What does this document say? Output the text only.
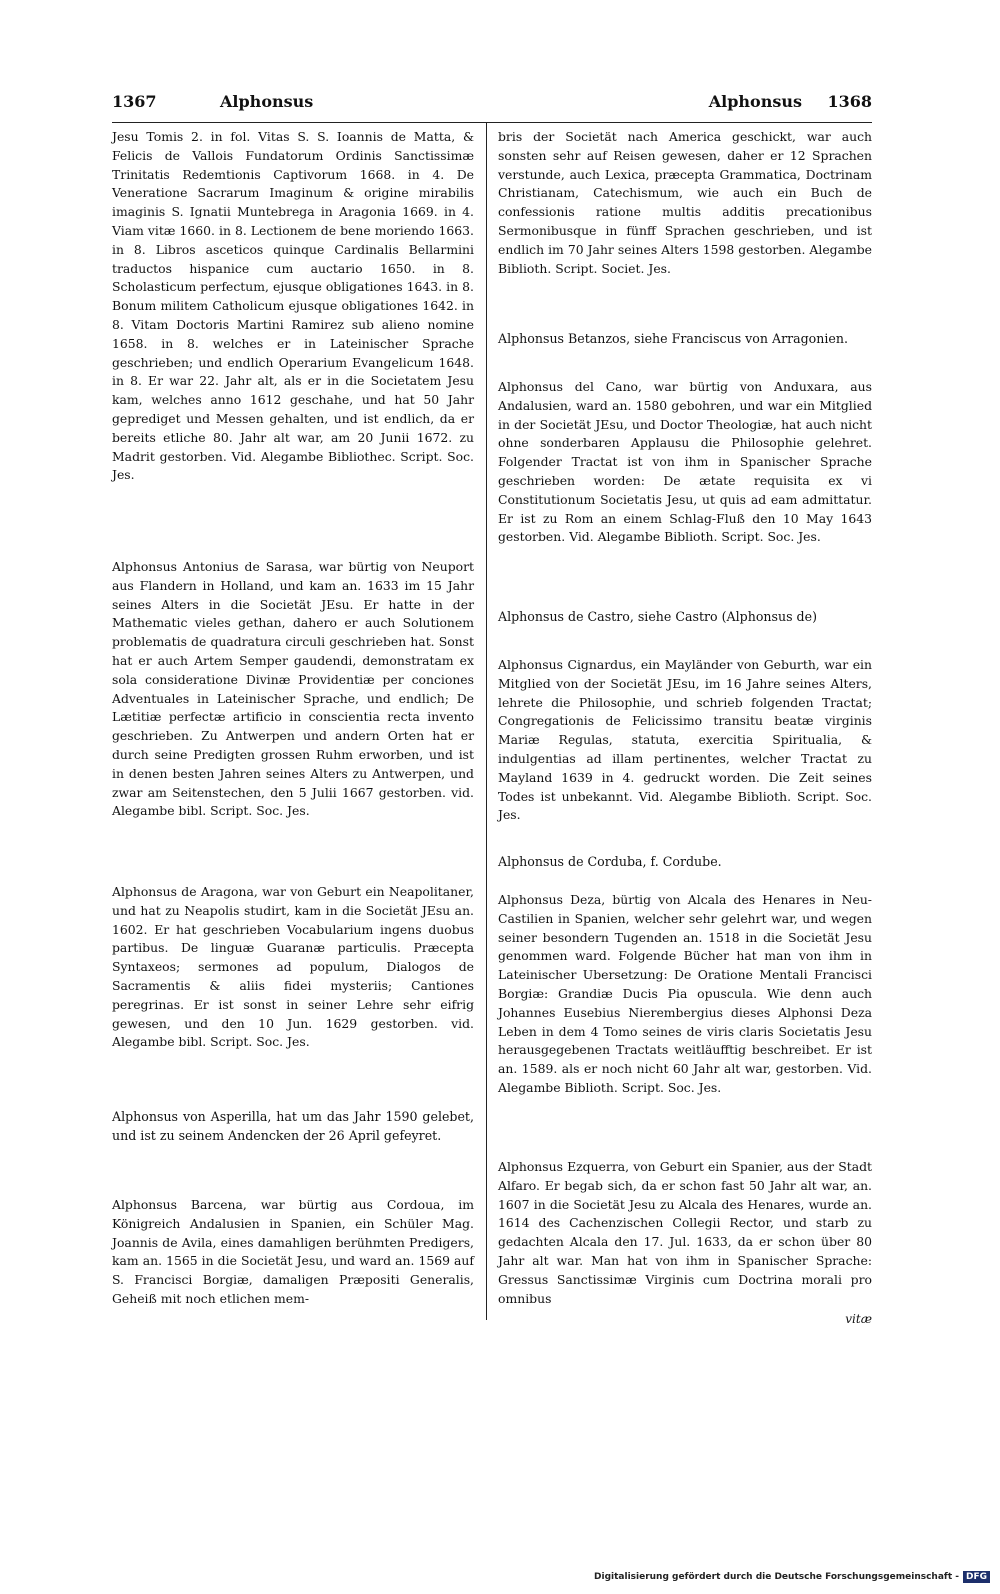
1367	Alphonsus	Alphonsus 1368

Jesu Tomis 2. in fol. Vitas S. S. Ioannis de Matta, & Felicis de Vallois Fundatorum Ordinis Sanctissimæ Trinitatis Redemtionis Captivorum 1668. in 4. De Veneratione Sacrarum Imaginum & origine mirabilis imaginis S. Ignatii Muntebrega in Aragonia 1669. in 4. Viam vitæ 1660. in 8. Lectionem de bene moriendo 1663. in 8. Libros asceticos quinque Cardinalis Bellarmini traductos hispanice cum auctario 1650. in 8. Scholasticum perfectum, ejusque obligationes 1643. in 8. Bonum militem Catholicum ejusque obligationes 1642. in 8. Vitam Doctoris Martini Ramirez sub alieno nomine 1658. in 8. welches er in Lateinischer Sprache geschrieben; und endlich Operarium Evangelicum 1648. in 8. Er war 22. Jahr alt, als er in die Societatem Jesu kam, welches anno 1612 geschahe, und hat 50 Jahr geprediget und Messen gehalten, und ist endlich, da er bereits etliche 80. Jahr alt war, am 20 Junii 1672. zu Madrit gestorben. Vid. Alegambe Bibliothec. Script. Soc. Jes.

Alphonsus Antonius de Sarasa, war bürtig von Neuport aus Flandern in Holland, und kam an. 1633 im 15 Jahr seines Alters in die Societät JEsu. Er hatte in der Mathematic vieles gethan, dahero er auch Solutionem problematis de quadratura circuli geschrieben hat. Sonst hat er auch Artem Semper gaudendi, demonstratam ex sola consideratione Divinæ Providentiæ per conciones Adventuales in Lateinischer Sprache, und endlich; De Lætitiæ perfectæ artificio in conscientia recta invento geschrieben. Zu Antwerpen und andern Orten hat er durch seine Predigten grossen Ruhm erworben, und ist in denen besten Jahren seines Alters zu Antwerpen, und zwar am Seitenstechen, den 5 Julii 1667 gestorben. vid. Alegambe bibl. Script. Soc. Jes.

Alphonsus de Aragona, war von Geburt ein Neapolitaner, und hat zu Neapolis studirt, kam in die Societät JEsu an. 1602. Er hat geschrieben Vocabularium ingens duobus partibus. De linguæ Guaranæ particulis. Præcepta Syntaxeos; sermones ad populum, Dialogos de Sacramentis & aliis fidei mysteriis; Cantiones peregrinas. Er ist sonst in seiner Lehre sehr eifrig gewesen, und den 10 Jun. 1629 gestorben. vid. Alegambe bibl. Script. Soc. Jes.

Alphonsus von Asperilla, hat um das Jahr 1590 gelebet, und ist zu seinem Andencken der 26 April gefeyret.

Alphonsus Barcena, war bürtig aus Cordoua, im Königreich Andalusien in Spanien, ein Schüler Mag. Joannis de Avila, eines damahligen berühmten Predigers, kam an. 1565 in die Societät Jesu, und ward an. 1569 auf S. Francisci Borgiæ, damaligen Præpositi Generalis, Geheiß mit noch etlichen mem-

bris der Societät nach America geschickt, war auch sonsten sehr auf Reisen gewesen, daher er 12 Sprachen verstunde, auch Lexica, præcepta Grammatica, Doctrinam Christianam, Catechismum, wie auch ein Buch de confessionis ratione multis additis precationibus Sermonibusque in fünff Sprachen geschrieben, und ist endlich im 70 Jahr seines Alters 1598 gestorben. Alegambe Biblioth. Script. Societ. Jes.

Alphonsus Betanzos, siehe Franciscus von Arragonien.

Alphonsus del Cano, war bürtig von Anduxara, aus Andalusien, ward an. 1580 gebohren, und war ein Mitglied in der Societät JEsu, und Doctor Theologiæ, hat auch nicht ohne sonderbaren Applausu die Philosophie gelehret. Folgender Tractat ist von ihm in Spanischer Sprache geschrieben worden: De ætate requisita ex vi Constitutionum Societatis Jesu, ut quis ad eam admittatur. Er ist zu Rom an einem Schlag-Fluß den 10 May 1643 gestorben. Vid. Alegambe Biblioth. Script. Soc. Jes.

Alphonsus de Castro, siehe Castro (Alphonsus de)

Alphonsus Cignardus, ein Mayländer von Geburth, war ein Mitglied von der Societät JEsu, im 16 Jahre seines Alters, lehrete die Philosophie, und schrieb folgenden Tractat; Congregationis de Felicissimo transitu beatæ virginis Mariæ Regulas, statuta, exercitia Spiritualia, & indulgentias ad illam pertinentes, welcher Tractat zu Mayland 1639 in 4. gedruckt worden. Die Zeit seines Todes ist unbekannt. Vid. Alegambe Biblioth. Script. Soc. Jes.

Alphonsus de Corduba, f. Cordube.

Alphonsus Deza, bürtig von Alcala des Henares in Neu-Castilien in Spanien, welcher sehr gelehrt war, und wegen seiner besondern Tugenden an. 1518 in die Societät Jesu genommen ward. Folgende Bücher hat man von ihm in Lateinischer Ubersetzung: De Oratione Mentali Francisci Borgiæ: Grandiæ Ducis Pia opuscula. Wie denn auch Johannes Eusebius Nierembergius dieses Alphonsi Deza Leben in dem 4 Tomo seines de viris claris Societatis Jesu herausgegebenen Tractats weitläufftig beschreibet. Er ist an. 1589. als er noch nicht 60 Jahr alt war, gestorben. Vid. Alegambe Biblioth. Script. Soc. Jes.

Alphonsus Ezquerra, von Geburt ein Spanier, aus der Stadt Alfaro. Er begab sich, da er schon fast 50 Jahr alt war, an. 1607 in die Societät Jesu zu Alcala des Henares, wurde an. 1614 des Cachenzischen Collegii Rector, und starb zu gedachten Alcala den 17. Jul. 1633, da er schon über 80 Jahr alt war. Man hat von ihm in Spanischer Sprache: Gressus Sanctissimæ Virginis cum Doctrina morali pro omnibus

vitæ
Digitalisierung gefördert durch die Deutsche Forschungsgemeinschaft - DFG
